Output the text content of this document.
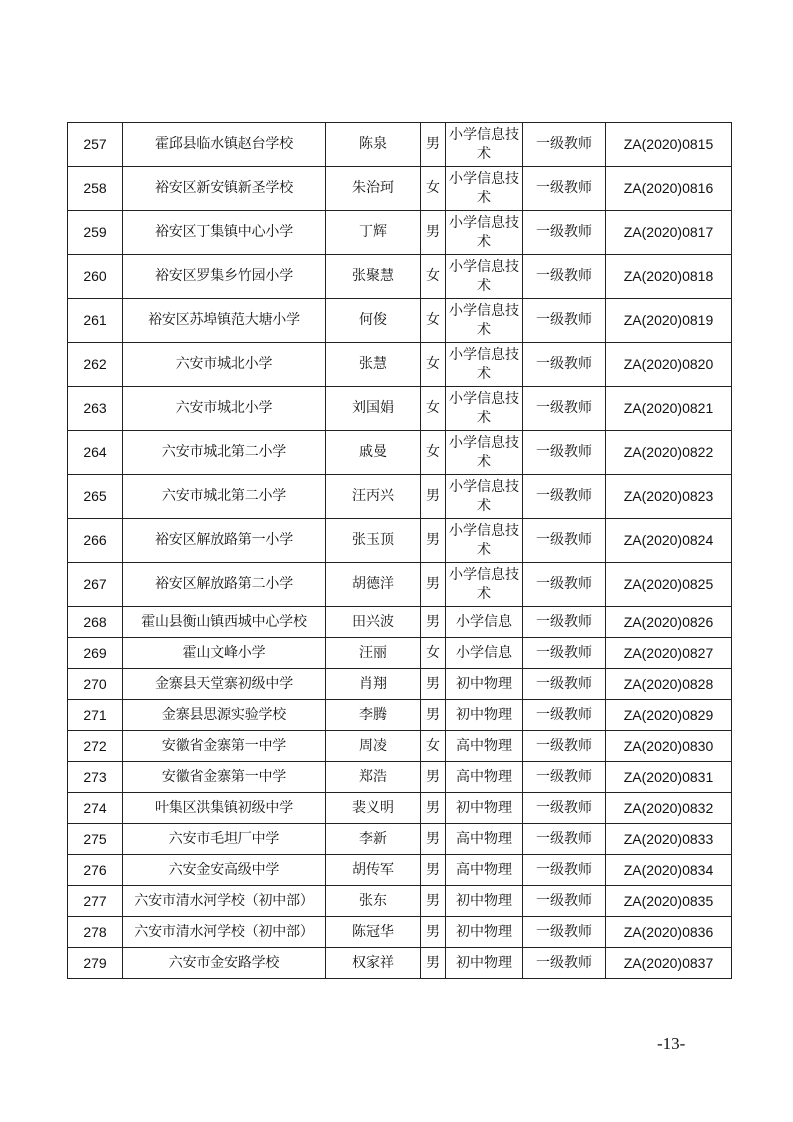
257	霍邱县临水镇赵台学校	陈泉	男	小学信息技术	一级教师	ZA(2020)0815
258	裕安区新安镇新圣学校	朱治珂	女	小学信息技术	一级教师	ZA(2020)0816
259	裕安区丁集镇中心小学	丁辉	男	小学信息技术	一级教师	ZA(2020)0817
260	裕安区罗集乡竹园小学	张聚慧	女	小学信息技术	一级教师	ZA(2020)0818
261	裕安区苏埠镇范大塘小学	何俊	女	小学信息技术	一级教师	ZA(2020)0819
262	六安市城北小学	张慧	女	小学信息技术	一级教师	ZA(2020)0820
263	六安市城北小学	刘国娟	女	小学信息技术	一级教师	ZA(2020)0821
264	六安市城北第二小学	戚曼	女	小学信息技术	一级教师	ZA(2020)0822
265	六安市城北第二小学	汪丙兴	男	小学信息技术	一级教师	ZA(2020)0823
266	裕安区解放路第一小学	张玉顶	男	小学信息技术	一级教师	ZA(2020)0824
267	裕安区解放路第二小学	胡德洋	男	小学信息技术	一级教师	ZA(2020)0825
268	霍山县衡山镇西城中心学校	田兴波	男	小学信息	一级教师	ZA(2020)0826
269	霍山文峰小学	汪丽	女	小学信息	一级教师	ZA(2020)0827
270	金寨县天堂寨初级中学	肖翔	男	初中物理	一级教师	ZA(2020)0828
271	金寨县思源实验学校	李腾	男	初中物理	一级教师	ZA(2020)0829
272	安徽省金寨第一中学	周凌	女	高中物理	一级教师	ZA(2020)0830
273	安徽省金寨第一中学	郑浩	男	高中物理	一级教师	ZA(2020)0831
274	叶集区洪集镇初级中学	裴义明	男	初中物理	一级教师	ZA(2020)0832
275	六安市毛坦厂中学	李新	男	高中物理	一级教师	ZA(2020)0833
276	六安金安高级中学	胡传军	男	高中物理	一级教师	ZA(2020)0834
277	六安市清水河学校（初中部）	张东	男	初中物理	一级教师	ZA(2020)0835
278	六安市清水河学校（初中部）	陈冠华	男	初中物理	一级教师	ZA(2020)0836
279	六安市金安路学校	权家祥	男	初中物理	一级教师	ZA(2020)0837
-13-
